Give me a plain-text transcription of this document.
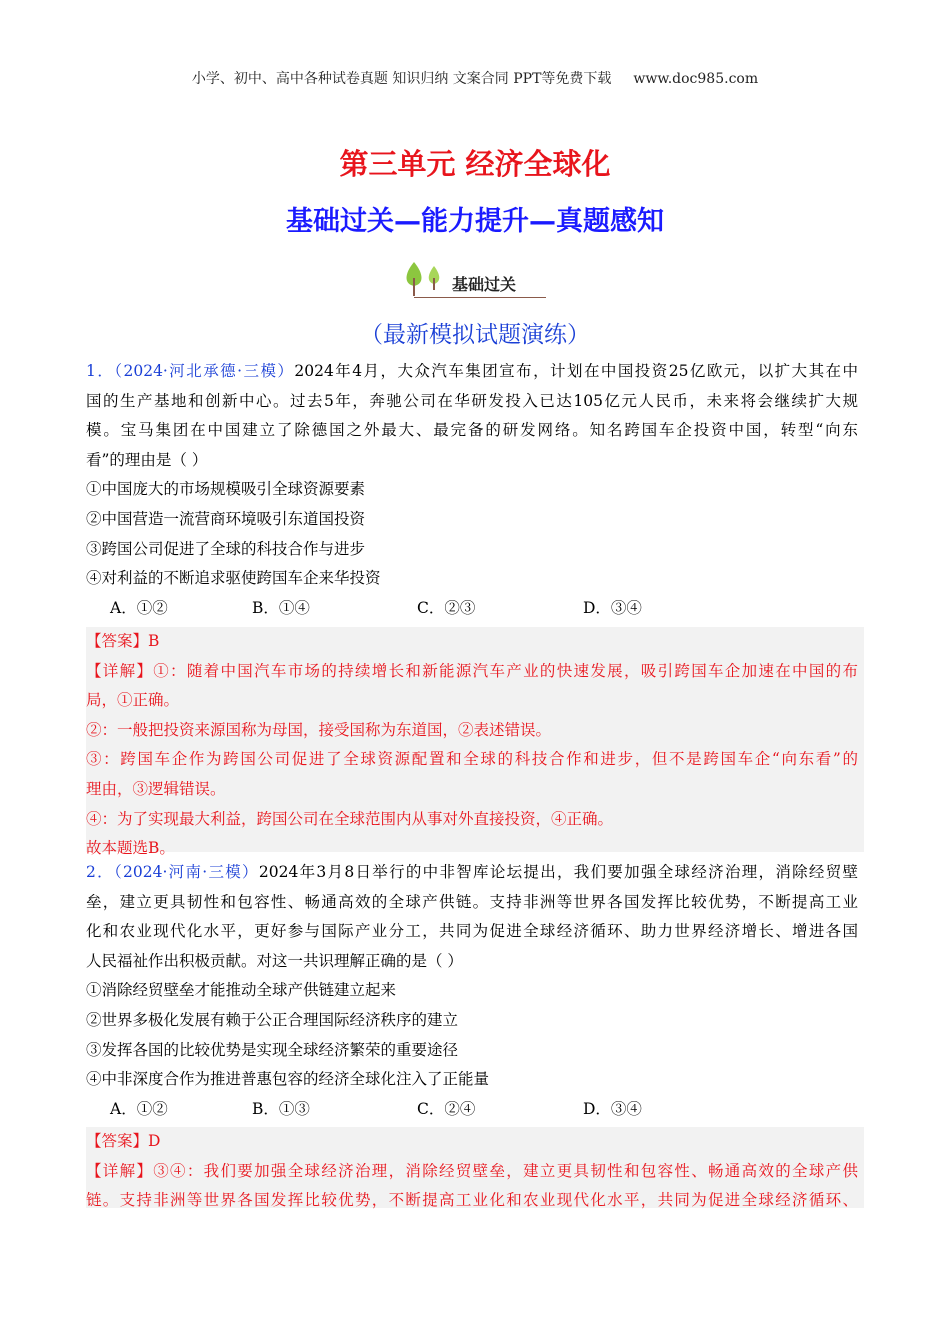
小学、初中、高中各种试卷真题 知识归纳 文案合同 PPT等免费下载 www.doc985.com
第三单元 经济全球化
基础过关—能力提升—真题感知
基础过关
（最新模拟试题演练）
1．（2024·河北承德·三模）2024年4月，大众汽车集团宣布，计划在中国投资25亿欧元，以扩大其在中
国的生产基地和创新中心。过去5年，奔驰公司在华研发投入已达105亿元人民币，未来将会继续扩大规
模。宝马集团在中国建立了除德国之外最大、最完备的研发网络。知名跨国车企投资中国，转型“向东
看”的理由是（ ）
①中国庞大的市场规模吸引全球资源要素
②中国营造一流营商环境吸引东道国投资
③跨国公司促进了全球的科技合作与进步
④对利益的不断追求驱使跨国车企来华投资
A．①②	B．①④	C．②③	D．③④
【答案】B
【详解】①：随着中国汽车市场的持续增长和新能源汽车产业的快速发展，吸引跨国车企加速在中国的布
局，①正确。
②：一般把投资来源国称为母国，接受国称为东道国，②表述错误。
③：跨国车企作为跨国公司促进了全球资源配置和全球的科技合作和进步，但不是跨国车企“向东看”的
理由，③逻辑错误。
④：为了实现最大利益，跨国公司在全球范围内从事对外直接投资，④正确。
故本题选B。
2．（2024·河南·三模）2024年3月8日举行的中非智库论坛提出，我们要加强全球经济治理，消除经贸壁
垒，建立更具韧性和包容性、畅通高效的全球产供链。支持非洲等世界各国发挥比较优势，不断提高工业
化和农业现代化水平，更好参与国际产业分工，共同为促进全球经济循环、助力世界经济增长、增进各国
人民福祉作出积极贡献。对这一共识理解正确的是（ ）
①消除经贸壁垒才能推动全球产供链建立起来
②世界多极化发展有赖于公正合理国际经济秩序的建立
③发挥各国的比较优势是实现全球经济繁荣的重要途径
④中非深度合作为推进普惠包容的经济全球化注入了正能量
A．①②	B．①③	C．②④	D．③④
【答案】D
【详解】③④：我们要加强全球经济治理，消除经贸壁垒，建立更具韧性和包容性、畅通高效的全球产供
链。支持非洲等世界各国发挥比较优势，不断提高工业化和农业现代化水平，共同为促进全球经济循环、
